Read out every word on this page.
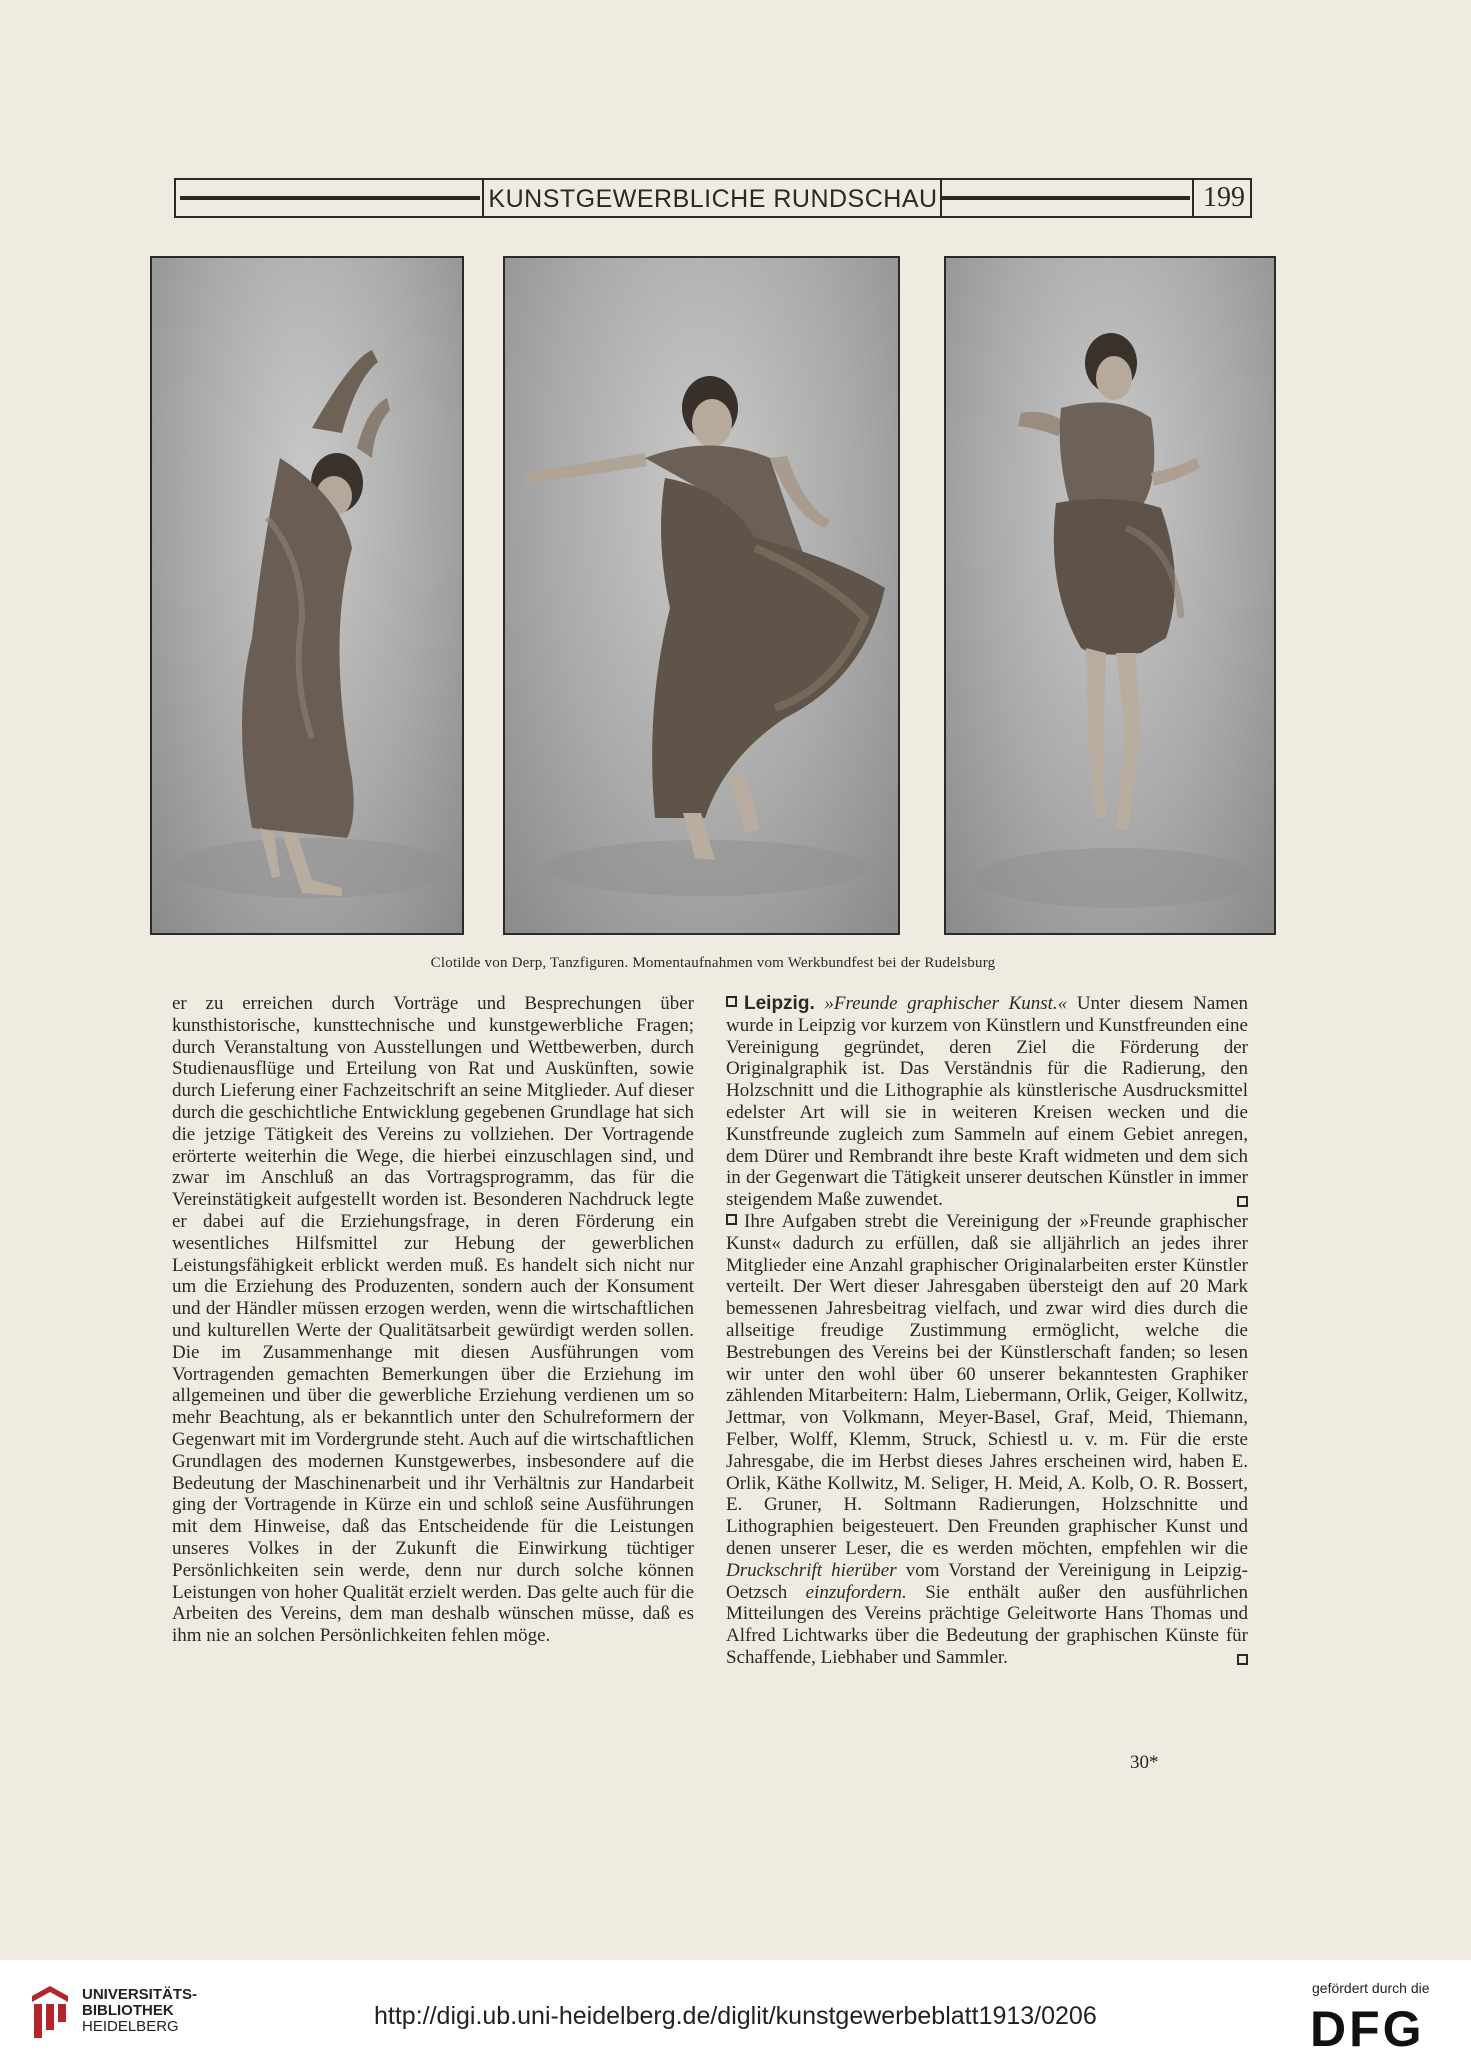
KUNSTGEWERBLICHE RUNDSCHAU	199
Clotilde von Derp, Tanzfiguren. Momentaufnahmen vom Werkbundfest bei der Rudelsburg

er zu erreichen durch Vorträge und Besprechungen über kunsthistorische, kunsttechnische und kunstgewerbliche Fragen; durch Veranstaltung von Ausstellungen und Wettbewerben, durch Studienausflüge und Erteilung von Rat und Auskünften, sowie durch Lieferung einer Fachzeitschrift an seine Mitglieder. Auf dieser durch die geschichtliche Entwicklung gegebenen Grundlage hat sich die jetzige Tätigkeit des Vereins zu vollziehen. Der Vortragende erörterte weiterhin die Wege, die hierbei einzuschlagen sind, und zwar im Anschluß an das Vortragsprogramm, das für die Vereinstätigkeit aufgestellt worden ist. Besonderen Nachdruck legte er dabei auf die Erziehungsfrage, in deren Förderung ein wesentliches Hilfsmittel zur Hebung der gewerblichen Leistungsfähigkeit erblickt werden muß. Es handelt sich nicht nur um die Erziehung des Produzenten, sondern auch der Konsument und der Händler müssen erzogen werden, wenn die wirtschaftlichen und kulturellen Werte der Qualitätsarbeit gewürdigt werden sollen. Die im Zusammenhange mit diesen Ausführungen vom Vortragenden gemachten Bemerkungen über die Erziehung im allgemeinen und über die gewerbliche Erziehung verdienen um so mehr Beachtung, als er bekanntlich unter den Schulreformern der Gegenwart mit im Vordergrunde steht. Auch auf die wirtschaftlichen Grundlagen des modernen Kunstgewerbes, insbesondere auf die Bedeutung der Maschinenarbeit und ihr Verhältnis zur Handarbeit ging der Vortragende in Kürze ein und schloß seine Ausführungen mit dem Hinweise, daß das Entscheidende für die Leistungen unseres Volkes in der Zukunft die Einwirkung tüchtiger Persönlichkeiten sein werde, denn nur durch solche können Leistungen von hoher Qualität erzielt werden. Das gelte auch für die Arbeiten des Vereins, dem man deshalb wünschen müsse, daß es ihm nie an solchen Persönlichkeiten fehlen möge.

Leipzig. »Freunde graphischer Kunst.« Unter diesem Namen wurde in Leipzig vor kurzem von Künstlern und Kunstfreunden eine Vereinigung gegründet, deren Ziel die Förderung der Originalgraphik ist. Das Verständnis für die Radierung, den Holzschnitt und die Lithographie als künstlerische Ausdrucksmittel edelster Art will sie in weiteren Kreisen wecken und die Kunstfreunde zugleich zum Sammeln auf einem Gebiet anregen, dem Dürer und Rembrandt ihre beste Kraft widmeten und dem sich in der Gegenwart die Tätigkeit unserer deutschen Künstler in immer steigendem Maße zuwendet.

Ihre Aufgaben strebt die Vereinigung der »Freunde graphischer Kunst« dadurch zu erfüllen, daß sie alljährlich an jedes ihrer Mitglieder eine Anzahl graphischer Originalarbeiten erster Künstler verteilt. Der Wert dieser Jahresgaben übersteigt den auf 20 Mark bemessenen Jahresbeitrag vielfach, und zwar wird dies durch die allseitige freudige Zustimmung ermöglicht, welche die Bestrebungen des Vereins bei der Künstlerschaft fanden; so lesen wir unter den wohl über 60 unserer bekanntesten Graphiker zählenden Mitarbeitern: Halm, Liebermann, Orlik, Geiger, Kollwitz, Jettmar, von Volkmann, Meyer-Basel, Graf, Meid, Thiemann, Felber, Wolff, Klemm, Struck, Schiestl u. v. m. Für die erste Jahresgabe, die im Herbst dieses Jahres erscheinen wird, haben E. Orlik, Käthe Kollwitz, M. Seliger, H. Meid, A. Kolb, O. R. Bossert, E. Gruner, H. Soltmann Radierungen, Holzschnitte und Lithographien beigesteuert. Den Freunden graphischer Kunst und denen unserer Leser, die es werden möchten, empfehlen wir die Druckschrift hierüber vom Vorstand der Vereinigung in Leipzig-Oetzsch einzufordern. Sie enthält außer den ausführlichen Mitteilungen des Vereins prächtige Geleitworte Hans Thomas und Alfred Lichtwarks über die Bedeutung der graphischen Künste für Schaffende, Liebhaber und Sammler.

30*
UNIVERSITÄTS-
BIBLIOTHEK
HEIDELBERG	http://digi.ub.uni-heidelberg.de/diglit/kunstgewerbeblatt1913/0206
gefördert durch die
DFG
